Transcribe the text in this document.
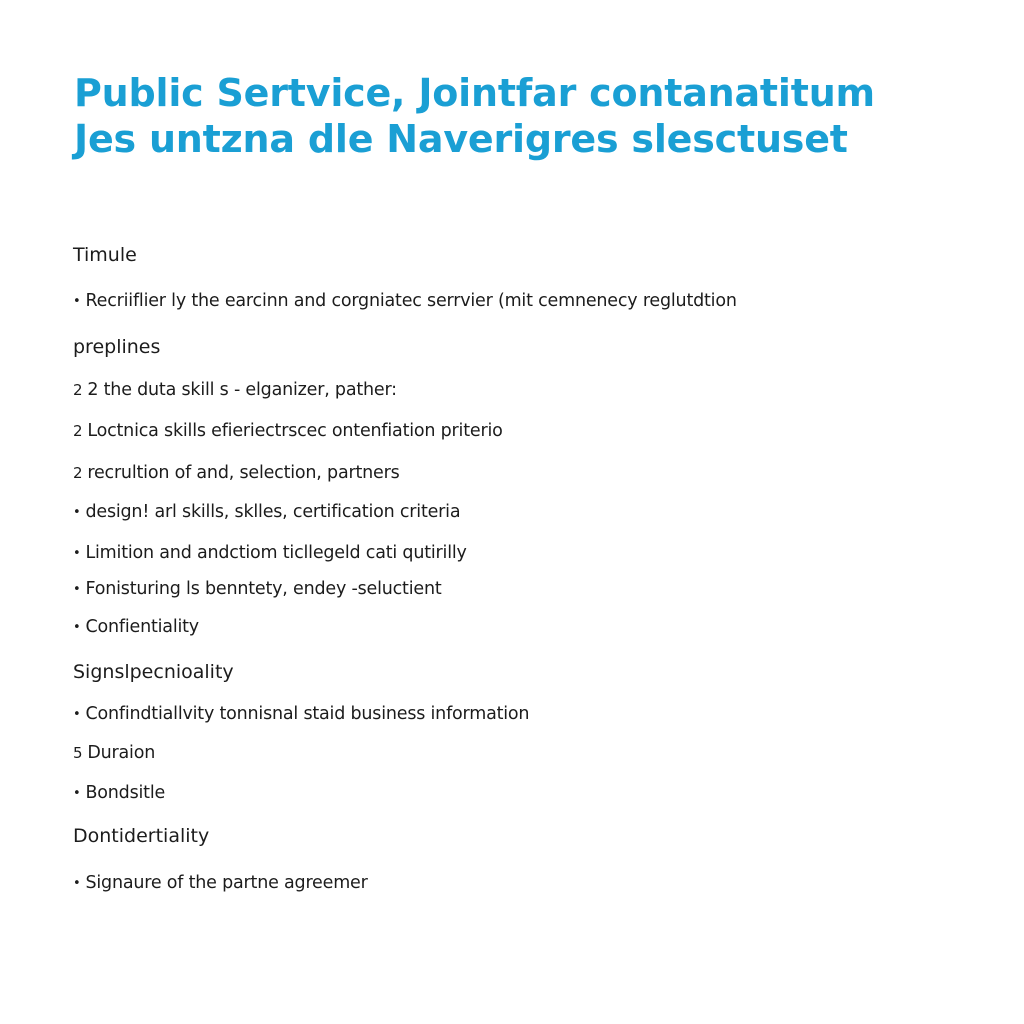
Public Sertvice, Jointfar contanatitum
Jes untzna dle Naverigres slesctuset
Timule
• Recriiflier ly the earcinn and corgniatec serrvier (mit cemnenecy reglutdtion
preplines
2 2 the duta skill s - elganizer, pather:
2 Loctnica skills efieriectrscec ontenfiation priterio
2 recrultion of and, selection, partners
• design! arl skills, sklles, certification criteria
• Limition and andctiom ticllegeld cati qutirilly
• Fonisturing ls benntety, endey -seluctient
• Confientiality
Signslpecnioality
• Confindtiallvity tonnisnal staid business information
5 Duraion
• Bondsitle
Dontidertiality
• Signaure of the partne agreemer
